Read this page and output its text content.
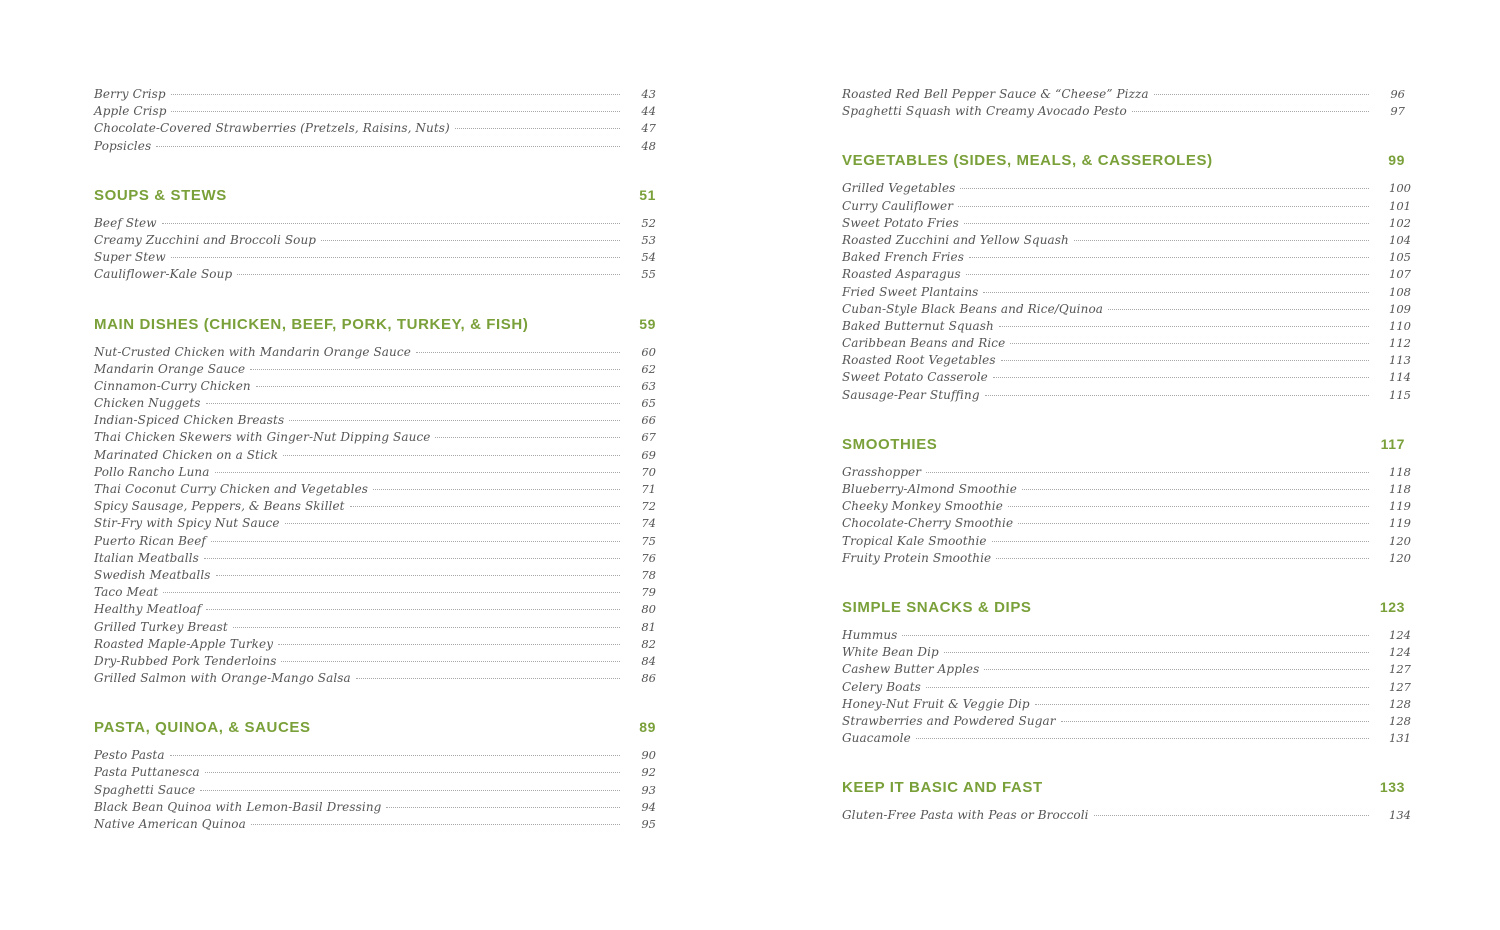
Berry Crisp	43
Apple Crisp	44
Chocolate-Covered Strawberries (Pretzels, Raisins, Nuts)	47
Popsicles	48
SOUPS & STEWS	51
Beef Stew	52
Creamy Zucchini and Broccoli Soup	53
Super Stew	54
Cauliflower-Kale Soup	55
MAIN DISHES (CHICKEN, BEEF, PORK, TURKEY, & FISH)	59
Nut-Crusted Chicken with Mandarin Orange Sauce	60
Mandarin Orange Sauce	62
Cinnamon-Curry Chicken	63
Chicken Nuggets	65
Indian-Spiced Chicken Breasts	66
Thai Chicken Skewers with Ginger-Nut Dipping Sauce	67
Marinated Chicken on a Stick	69
Pollo Rancho Luna	70
Thai Coconut Curry Chicken and Vegetables	71
Spicy Sausage, Peppers, & Beans Skillet	72
Stir-Fry with Spicy Nut Sauce	74
Puerto Rican Beef	75
Italian Meatballs	76
Swedish Meatballs	78
Taco Meat	79
Healthy Meatloaf	80
Grilled Turkey Breast	81
Roasted Maple-Apple Turkey	82
Dry-Rubbed Pork Tenderloins	84
Grilled Salmon with Orange-Mango Salsa	86
PASTA, QUINOA, & SAUCES	89
Pesto Pasta	90
Pasta Puttanesca	92
Spaghetti Sauce	93
Black Bean Quinoa with Lemon-Basil Dressing	94
Native American Quinoa	95
Roasted Red Bell Pepper Sauce & “Cheese” Pizza	96
Spaghetti Squash with Creamy Avocado Pesto	97
VEGETABLES (SIDES, MEALS, & CASSEROLES)	99
Grilled Vegetables	100
Curry Cauliflower	101
Sweet Potato Fries	102
Roasted Zucchini and Yellow Squash	104
Baked French Fries	105
Roasted Asparagus	107
Fried Sweet Plantains	108
Cuban-Style Black Beans and Rice/Quinoa	109
Baked Butternut Squash	110
Caribbean Beans and Rice	112
Roasted Root Vegetables	113
Sweet Potato Casserole	114
Sausage-Pear Stuffing	115
SMOOTHIES	117
Grasshopper	118
Blueberry-Almond Smoothie	118
Cheeky Monkey Smoothie	119
Chocolate-Cherry Smoothie	119
Tropical Kale Smoothie	120
Fruity Protein Smoothie	120
SIMPLE SNACKS & DIPS	123
Hummus	124
White Bean Dip	124
Cashew Butter Apples	127
Celery Boats	127
Honey-Nut Fruit & Veggie Dip	128
Strawberries and Powdered Sugar	128
Guacamole	131
KEEP IT BASIC AND FAST	133
Gluten-Free Pasta with Peas or Broccoli	134
